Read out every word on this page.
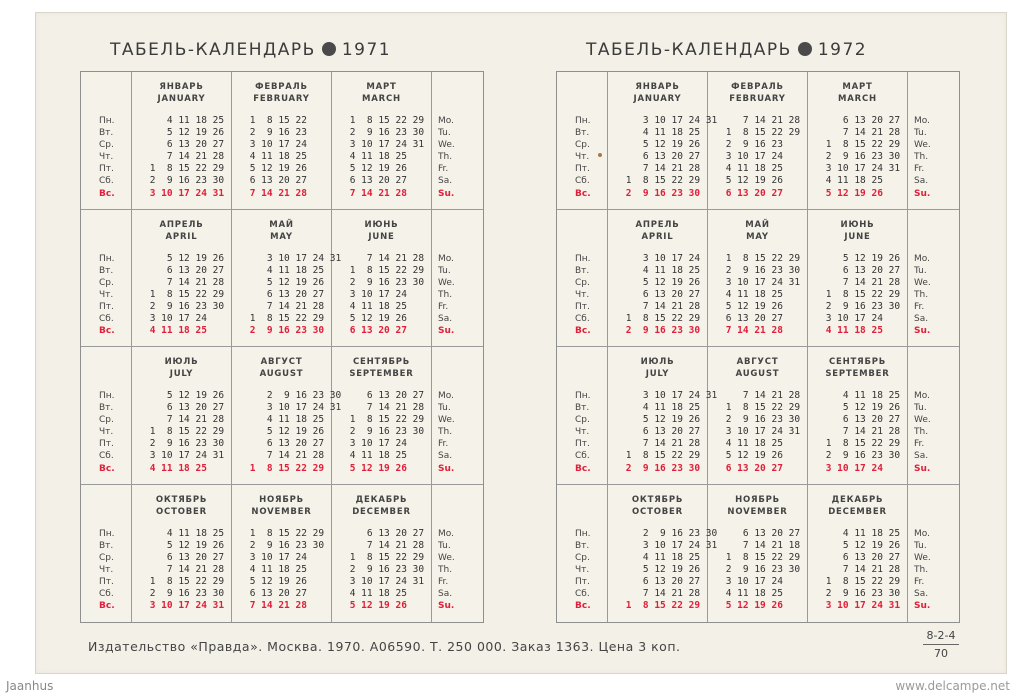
ТАБЕЛЬ-КАЛЕНДАРЬ 1971
Пн.
Вт.
Ср.
Чт.
Пт.
Сб.
Вс.
ЯНВАРЬ
JANUARY
4 11 18 25
5 12 19 26
6 13 20 27
7 14 21 28
1  8 15 22 29
2  9 16 23 30
3 10 17 24 31
ФЕВРАЛЬ
FEBRUARY
1  8 15 22
2  9 16 23
3 10 17 24
4 11 18 25
5 12 19 26
6 13 20 27
7 14 21 28
МАРТ
MARCH
1  8 15 22 29
2  9 16 23 30
3 10 17 24 31
4 11 18 25
5 12 19 26
6 13 20 27
7 14 21 28
Mo.
Tu.
We.
Th.
Fr.
Sa.
Su.
Пн.
Вт.
Ср.
Чт.
Пт.
Сб.
Вс.
АПРЕЛЬ
APRIL
5 12 19 26
6 13 20 27
7 14 21 28
1  8 15 22 29
2  9 16 23 30
3 10 17 24
4 11 18 25
МАЙ
MAY
3 10 17 24 31
4 11 18 25
5 12 19 26
6 13 20 27
7 14 21 28
1  8 15 22 29
2  9 16 23 30
ИЮНЬ
JUNE
7 14 21 28
1  8 15 22 29
2  9 16 23 30
3 10 17 24
4 11 18 25
5 12 19 26
6 13 20 27
Mo.
Tu.
We.
Th.
Fr.
Sa.
Su.
Пн.
Вт.
Ср.
Чт.
Пт.
Сб.
Вс.
ИЮЛЬ
JULY
5 12 19 26
6 13 20 27
7 14 21 28
1  8 15 22 29
2  9 16 23 30
3 10 17 24 31
4 11 18 25
АВГУСТ
AUGUST
2  9 16 23 30
3 10 17 24 31
4 11 18 25
5 12 19 26
6 13 20 27
7 14 21 28
1  8 15 22 29
СЕНТЯБРЬ
SEPTEMBER
6 13 20 27
7 14 21 28
1  8 15 22 29
2  9 16 23 30
3 10 17 24
4 11 18 25
5 12 19 26
Mo.
Tu.
We.
Th.
Fr.
Sa.
Su.
Пн.
Вт.
Ср.
Чт.
Пт.
Сб.
Вс.
ОКТЯБРЬ
OCTOBER
4 11 18 25
5 12 19 26
6 13 20 27
7 14 21 28
1  8 15 22 29
2  9 16 23 30
3 10 17 24 31
НОЯБРЬ
NOVEMBER
1  8 15 22 29
2  9 16 23 30
3 10 17 24
4 11 18 25
5 12 19 26
6 13 20 27
7 14 21 28
ДЕКАБРЬ
DECEMBER
6 13 20 27
7 14 21 28
1  8 15 22 29
2  9 16 23 30
3 10 17 24 31
4 11 18 25
5 12 19 26
Mo.
Tu.
We.
Th.
Fr.
Sa.
Su.
ТАБЕЛЬ-КАЛЕНДАРЬ 1972
Пн.
Вт.
Ср.
Чт.
Пт.
Сб.
Вс.
ЯНВАРЬ
JANUARY
3 10 17 24 31
4 11 18 25
5 12 19 26
6 13 20 27
7 14 21 28
1  8 15 22 29
2  9 16 23 30
ФЕВРАЛЬ
FEBRUARY
7 14 21 28
1  8 15 22 29
2  9 16 23
3 10 17 24
4 11 18 25
5 12 19 26
6 13 20 27
МАРТ
MARCH
6 13 20 27
7 14 21 28
1  8 15 22 29
2  9 16 23 30
3 10 17 24 31
4 11 18 25
5 12 19 26
Mo.
Tu.
We.
Th.
Fr.
Sa.
Su.
Пн.
Вт.
Ср.
Чт.
Пт.
Сб.
Вс.
АПРЕЛЬ
APRIL
3 10 17 24
4 11 18 25
5 12 19 26
6 13 20 27
7 14 21 28
1  8 15 22 29
2  9 16 23 30
МАЙ
MAY
1  8 15 22 29
2  9 16 23 30
3 10 17 24 31
4 11 18 25
5 12 19 26
6 13 20 27
7 14 21 28
ИЮНЬ
JUNE
5 12 19 26
6 13 20 27
7 14 21 28
1  8 15 22 29
2  9 16 23 30
3 10 17 24
4 11 18 25
Mo.
Tu.
We.
Th.
Fr.
Sa.
Su.
Пн.
Вт.
Ср.
Чт.
Пт.
Сб.
Вс.
ИЮЛЬ
JULY
3 10 17 24 31
4 11 18 25
5 12 19 26
6 13 20 27
7 14 21 28
1  8 15 22 29
2  9 16 23 30
АВГУСТ
AUGUST
7 14 21 28
1  8 15 22 29
2  9 16 23 30
3 10 17 24 31
4 11 18 25
5 12 19 26
6 13 20 27
СЕНТЯБРЬ
SEPTEMBER
4 11 18 25
5 12 19 26
6 13 20 27
7 14 21 28
1  8 15 22 29
2  9 16 23 30
3 10 17 24
Mo.
Tu.
We.
Th.
Fr.
Sa.
Su.
Пн.
Вт.
Ср.
Чт.
Пт.
Сб.
Вс.
ОКТЯБРЬ
OCTOBER
2  9 16 23 30
3 10 17 24 31
4 11 18 25
5 12 19 26
6 13 20 27
7 14 21 28
1  8 15 22 29
НОЯБРЬ
NOVEMBER
6 13 20 27
7 14 21 18
1  8 15 22 29
2  9 16 23 30
3 10 17 24
4 11 18 25
5 12 19 26
ДЕКАБРЬ
DECEMBER
4 11 18 25
5 12 19 26
6 13 20 27
7 14 21 28
1  8 15 22 29
2  9 16 23 30
3 10 17 24 31
Mo.
Tu.
We.
Th.
Fr.
Sa.
Su.
Издательство «Правда». Москва. 1970. А06590. Т. 250 000. Заказ 1363. Цена 3 коп.	$\frac{8-2-4}{70}$
Jaanhus	www.delcampe.net
